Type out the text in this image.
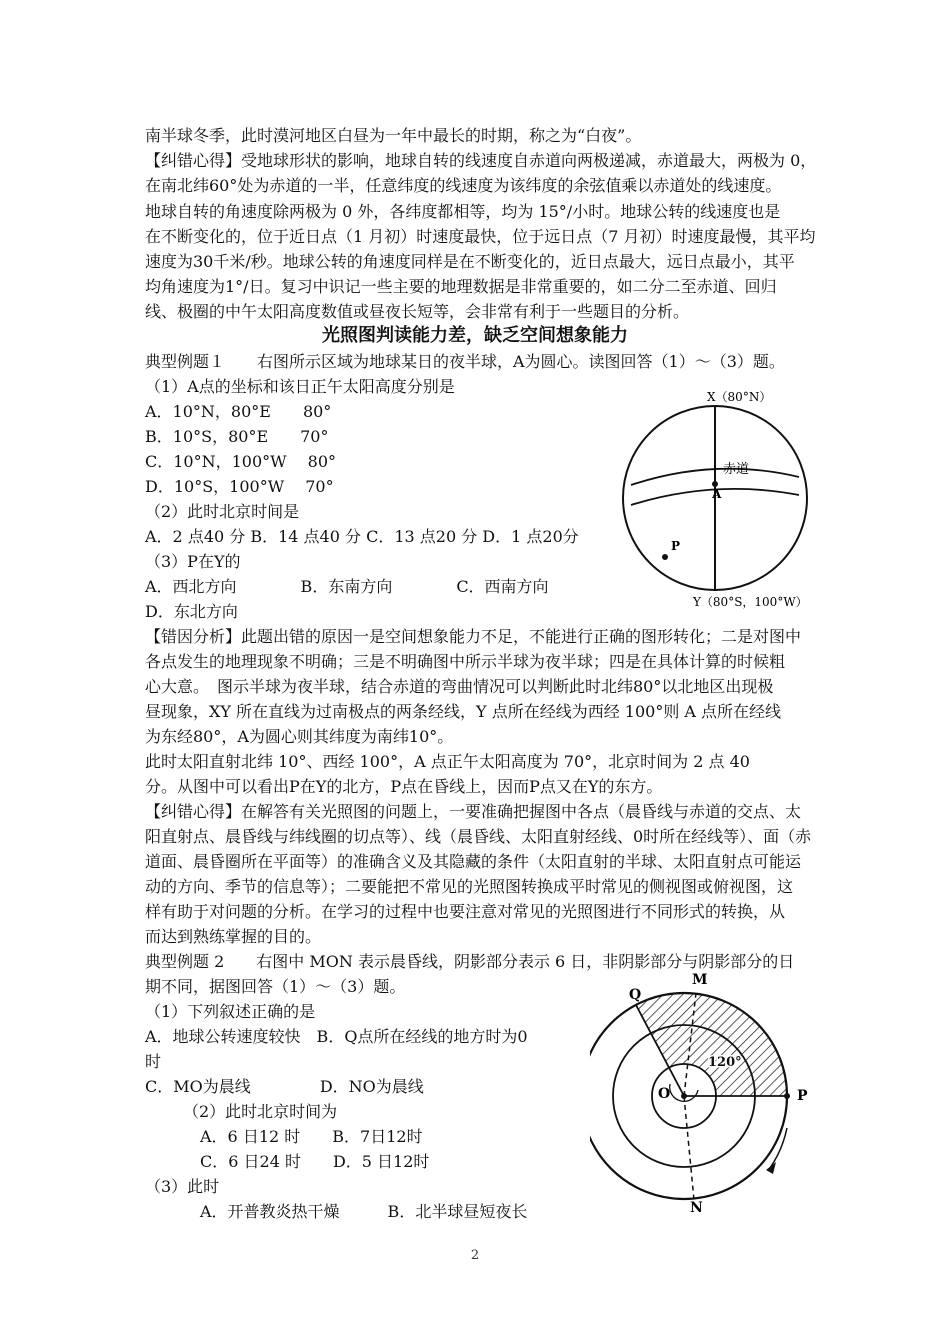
南半球冬季，此时漠河地区白昼为一年中最长的时期，称之为“白夜”。
【纠错心得】受地球形状的影响，地球自转的线速度自赤道向两极递减，赤道最大，两极为 0，
在南北纬60°处为赤道的一半，任意纬度的线速度为该纬度的余弦值乘以赤道处的线速度。
地球自转的角速度除两极为 0 外，各纬度都相等，均为 15°/小时。地球公转的线速度也是
在不断变化的，位于近日点（1 月初）时速度最快，位于远日点（7 月初）时速度最慢，其平均
速度为30千米/秒。地球公转的角速度同样是在不断变化的，近日点最大，远日点最小，其平
均角速度为1°/日。复习中识记一些主要的地理数据是非常重要的，如二分二至赤道、回归
线、极圈的中午太阳高度数值或昼夜长短等，会非常有利于一些题目的分析。
光照图判读能力差，缺乏空间想象能力
典型例题１　　右图所示区域为地球某日的夜半球，A为圆心。读图回答（1）～（3）题。
（1）A点的坐标和该日正午太阳高度分别是
A．10°N，80°E　　80°
B．10°S，80°E　　70°
C．10°N，100°W　 80°
D．10°S，100°W　 70°
（2）此时北京时间是
A．2 点40 分 B．14 点40 分 C．13 点20 分 D．1 点20分
（3）P在Y的
A．西北方向　　　　B．东南方向　　　　C．西南方向
D．东北方向
X（80°N）
赤道
A
P
Y（80°S，100°W）
【错因分析】此题出错的原因一是空间想象能力不足，不能进行正确的图形转化；二是对图中
各点发生的地理现象不明确；三是不明确图中所示半球为夜半球；四是在具体计算的时候粗
心大意。　图示半球为夜半球，结合赤道的弯曲情况可以判断此时北纬80°以北地区出现极
昼现象，XY 所在直线为过南极点的两条经线，Y 点所在经线为西经 100°则 A 点所在经线
为东经80°，A为圆心则其纬度为南纬10°。
此时太阳直射北纬 10°、西经 100°，A 点正午太阳高度为 70°，北京时间为 2 点 40
分。从图中可以看出P在Y的北方，P点在昏线上，因而P点又在Y的东方。
【纠错心得】在解答有关光照图的问题上，一要准确把握图中各点（晨昏线与赤道的交点、太
阳直射点、晨昏线与纬线圈的切点等）、线（晨昏线、太阳直射经线、0时所在经线等）、面（赤
道面、晨昏圈所在平面等）的准确含义及其隐藏的条件（太阳直射的半球、太阳直射点可能运
动的方向、季节的信息等）；二要能把不常见的光照图转换成平时常见的侧视图或俯视图，这
样有助于对问题的分析。在学习的过程中也要注意对常见的光照图进行不同形式的转换，从
而达到熟练掌握的目的。
典型例题 2　　右图中 MON 表示晨昏线，阴影部分表示 6 日，非阴影部分与阴影部分的日
期不同，据图回答（1）～（3）题。
（1）下列叙述正确的是
A．地球公转速度较快　B．Q点所在经线的地方时为0
时
C．MO为晨线　　　　 D．NO为晨线
（2）此时北京时间为
A．6 日12 时　　B．7日12时
C．6 日24 时　　D．5 日12时
（3）此时
A．开普教炎热干燥　　　B．北半球昼短夜长
M
Q
O	P
N
120°
2
